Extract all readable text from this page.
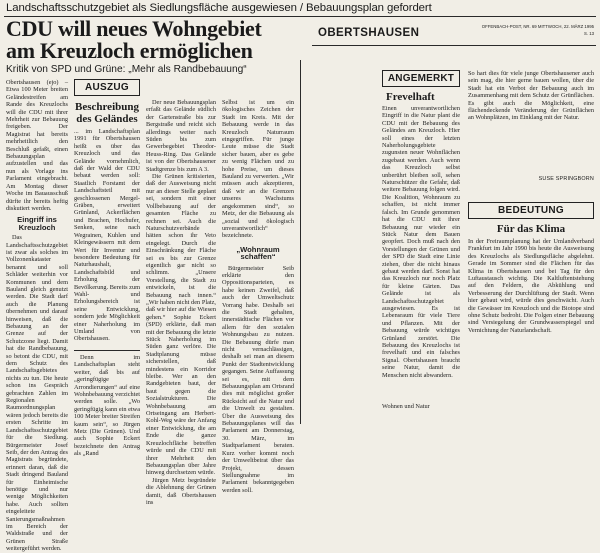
Landschaftsschutzgebiet als Siedlungsfläche ausgewiesen / Bebauungsplan gefordert
CDU will neues Wohngebiet
am Kreuzloch ermöglichen
Kritik von SPD und Grüne: „Mehr als Randbebauung“
OBERTSHAUSEN
OFFENBACH-POST, NR. 69 MITTWOCH, 22. MÄRZ 1995
S. 13

Obertshausen (ejo) – Etwa 100 Meter breiten Geländestreifen am Rande des Kreuzlochs will die CDU mit ihrer Mehrheit zur Bebauung freigeben. Der Magistrat hat bereits mehrheitlich den Beschluß gefaßt, einen Bebauungsplan aufzustellen und das nun als Vorlage ins Parlament eingebracht. Am Montag dieser Woche im Bauausschuß dürfte ihr bereits heftig diskutiert werden.

Eingriff ins Kreuzloch

Das Landschaftsschutzgebiet ist zwar als solches im Vollzonenkataster benannt und soll Schläder weiterhin vor Kommunen und dem Bauland gleich genutzt werden. Die Stadt darf auch die Planung übernehmen und darauf hinweisen, daß die Bebauung an der Grenze auf der Schutzzone liegt. Damit hat die Randbebauung, so betont die CDU, mit dem Schutz des Landschaftsgebietes nichts zu tun. Die heute schon ins Gespräch gebrachten Zahlen im Regionalen Raumordnungsplan wären jedoch bereits die ersten Schritte im Landschaftsschutzgebiet für die Siedlung. Bürgermeister Josef Seib, der den Antrag des Magistrats begründete, erinnert daran, daß die Stadt dringend Bauland für Einheimische benötige und nur wenige Möglichkeiten habe. Auch sollten eingeleitete Sanierungsmaßnahmen im Bereich der Waldstraße und der Grünen Straße weitergeführt werden.

AUSZUG
Beschreibung des Geländes

... im Landschaftsplan 1991 für Obertshausen heißt es über das Kreuzloch und das Gelände vornehmlich, daß der Wald der CDU bebaut werden soll: Staatlich Forstamt der Landschaftsteil mit geschlossenen Mergel-Gräben, erweitert Grünland, Ackerflächen und Brachen, Hochufer, Senken, seine nach Wegrainen, Kuhlen und Kleingewässern mit dem Wert für Inventur und besondere Bedeutung für Naturhaushalt, Landschaftsbild und Erholung der Bevölkerung. Bereits zum Wahl- und Erholungsbereich ist seine Entwicklung, sondern jede Möglichkeit einer Naherholung im Umland von Obertshausen.

Denn im Landschaftsplan steht weiter, daß bis auf „geringfügige Arrondierungen“ auf eine Wohnbebauung verzichtet werden solle. „Wo geringfügig kann ein etwa 100 Meter breiter Streifen kaum sein“, so Jürgen Metz (Die Grünen). Und auch Sophie Eckert bezeichnete den Antrag als „Rand

Der neue Bebauungsplan erfaßt das Gelände südlich der Gartenstraße bis zur Bergstraße und reicht sich allerdings weiter nach Süden bis zum Gewerbegebiet Theodor-Heuss-Ring. Das Gelände ist von der Obertshausener Stadtgrenze bis zum A 3.

Die Grünen kritisierten, daß der Ausweisung nicht nur an dieser Stelle geplant sei, sondern mit einer Vollbebauung auf der gesamten Fläche zu rechnen sei. Auch die Naturschutzverbände hätten schon ihr Veto eingelegt. Durch die Einschränkung der Fläche sei es bis zur Grenze eigentlich gar nicht so schlimm. „Unsere Vorstellung, die Stadt zu entwickeln, ist die Bebauung nach innen.“ „Wir haben nicht den Platz, daß wir hier auf die Wiesen gehen.“ Sophie Eckert (SPD) erklärte, daß man mit der Bebauung die letzte Stück Naherholung im Süden ganz verlöre. Die Stadtplanung müsse sicherstellen, daß mindestens ein Korridor bleibe. Wer an den Randgebieten baut, der baut gegen die Sozialstrukturen. Die Wohnbebauung am Ortseingang am Herbert-Kohl-Weg wäre der Anfang einer Entwicklung, die am Ende die ganze Kreuzlochfläche betreffen würde und die CDU mit ihrer Mehrheit den Bebauungsplan über Jahre hinweg durchsetzen würde.

Jürgen Metz begründete die Ablehnung der Grünen damit, daß Obertshausen ins

Selbst ist um ein ökologisches Zeichen der Stadt im Kreis. Mit der Bebauung werde in das Kreuzloch Naturraum eingegriffen. Für junge Leute müsse die Stadt sicher bauen, aber es gebe zu wenig Flächen und zu hohe Preise, um dieses Bauland zu verwerten. „Wir müssen auch akzeptieren, daß wir an die Grenzen unseres Wachstums angekommen sind“, so Metz, der die Bebauung als „sozial und ökologisch unverantwortlich“ bezeichnete.

„Wohnraum schaffen“

Bürgermeister Seib erklärte den Oppositionsparteien, es habe keinen Zweifel, daß auch der Umweltschutz Vorrang habe. Deshalb sei die Stadt gehalten, innerstädtische Flächen vor allem für den sozialen Wohnungsbau zu nutzen. Die Bebauung dürfe man nicht vernachlässigen, deshalb sei man an diesem Punkt der Stadtentwicklung gegangen. Seine Auffassung sei es, mit dem Bebauungsplan am Ortsrand dies mit möglichst großer Rücksicht auf die Natur und die Umwelt zu gestalten. Über die Ausweisung des Bebauungsplanes will das Parlament am Donnerstag, 30. März, im Stadtparlament beraten. Kurz vorher kommt noch der Umweltbeirat über das Projekt, dessen Stellungnahme im Parlament bekanntgegeben werden soll.

ANGEMERKT
Frevelhaft

Einen unverantwortlichen Eingriff in die Natur plant die CDU mit der Bebauung des Geländes am Kreuzloch. Hier soll eines der letzten Naherholungsgebiete zugunsten neuer Wohnflächen zugebaut werden. Auch wenn das Kreuzloch selbst unberührt bleiben soll, sehen Naturschützer die Gefahr, daß weitere Bebauung folgen wird. Die Koalition, Wohnraum zu schaffen, ist nicht immer falsch. Im Grunde genommen hat die CDU mit ihrer Bebauung nur wieder ein Stück Natur dem Bauen geopfert. Doch muß nach den Vorstellungen der Grünen und der SPD die Stadt eine Linie ziehen, über die nicht hinaus gebaut werden darf. Sonst hat das Kreuzloch nur noch Platz für kleine Gärten. Das Gelände ist als Landschaftsschutzgebiet ausgewiesen. Es ist Lebensraum für viele Tiere und Pflanzen. Mit der Bebauung würde wichtiges Grünland zerstört. Die Bebauung des Kreuzlochs ist frevelhaft und ein falsches Signal. Obertshausen braucht seine Natur, damit die Menschen nicht abwandern.

Wohnen und Natur

So hart dies für viele junge Obertshausener auch sein mag, die hier gerne bauen wollen, über die Stadt hat ein Verbot der Bebauung auch im Zusammenhang mit dem Schutz der Grünflächen. Es gibt auch die Möglichkeit, eine flächendeckende Veränderung der Grünflächen an Wohnplätzen, im Einklang mit der Natur.

SUSE SPRINGBORN
BEDEUTUNG
Für das Klima

In der Freiraumplanung hat der Umlandverband Frankfurt im Jahr 1990 bis heute die Ausweisung des Kreuzlochs als Siedlungsfläche abgelehnt. Gerade im Sommer sind die Flächen für das Klima in Obertshausen und bei Tag für den Luftaustausch wichtig. Die Kaltluftentstehung auf den Feldern, die Abkühlung und Verbesserung der Durchlüftung der Stadt. Wenn hier gebaut wird, würde dies geschwächt. Auch die Gewässer im Kreuzloch und die Biotope sind ohne Schutz bedroht. Die Folgen einer Bebauung sind Versiegelung der Grundwasserspiegel und Vernichtung der Naturlandschaft.
